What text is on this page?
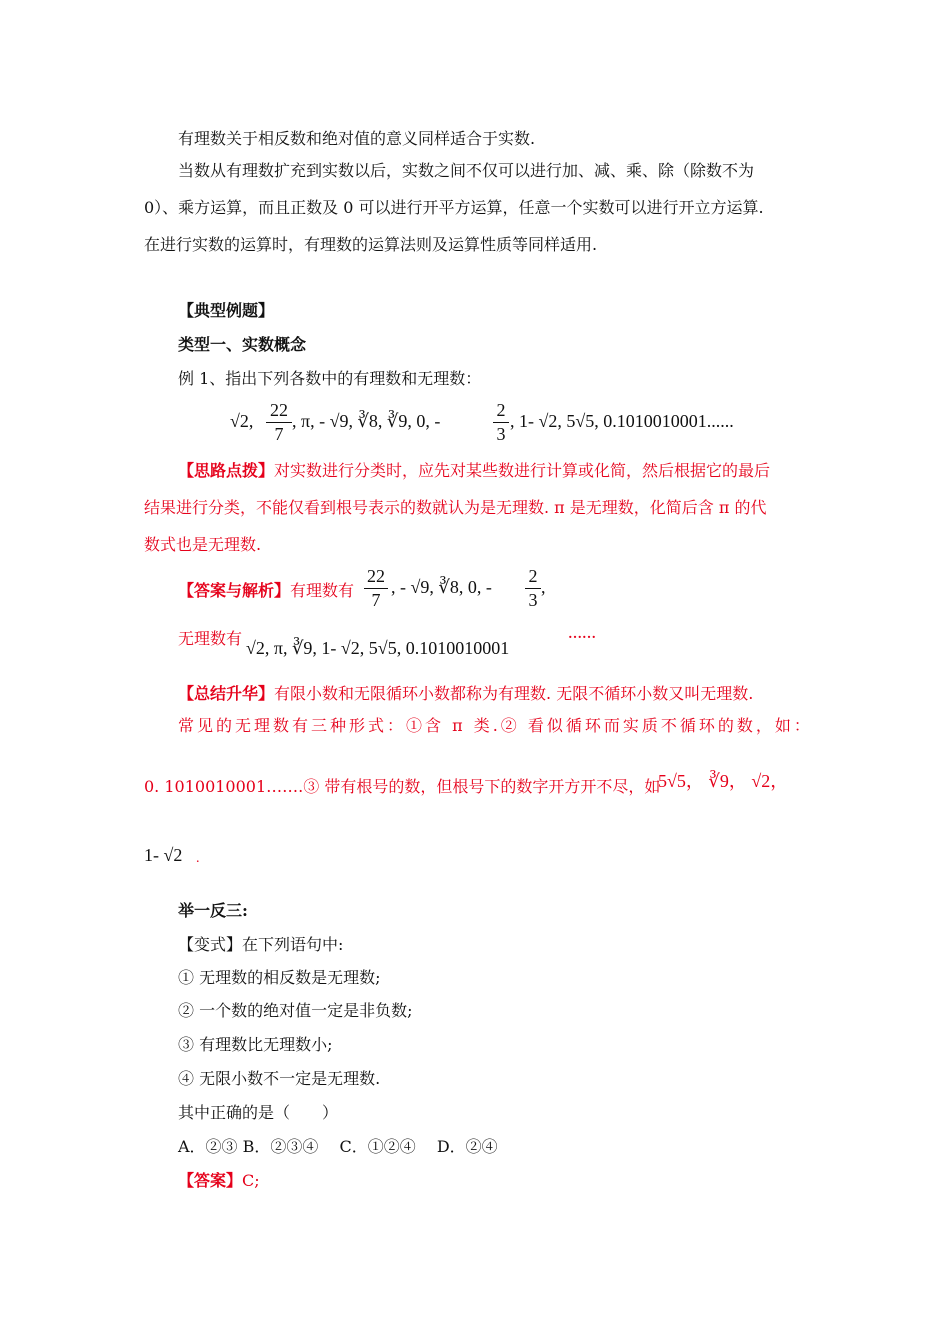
有理数关于相反数和绝对值的意义同样适合于实数.
当数从有理数扩充到实数以后，实数之间不仅可以进行加、减、乘、除（除数不为
0）、乘方运算，而且正数及 0 可以进行开平方运算，任意一个实数可以进行开立方运算.
在进行实数的运算时，有理数的运算法则及运算性质等同样适用.
【典型例题】
类型一、实数概念
例 1、指出下列各数中的有理数和无理数：
√2,
22
7
, π, - √9, ∛8, ∛9, 0, -
2
3
, 1- √2, 5√5, 0.1010010001......
【思路点拨】对实数进行分类时，应先对某些数进行计算或化简，然后根据它的最后
结果进行分类，不能仅看到根号表示的数就认为是无理数. π 是无理数，化简后含 π 的代
数式也是无理数.
【答案与解析】有理数有
22
7
, - √9, ∛8, 0, -
2
3
,
无理数有 √2, π, ∛9, 1- √2, 5√5, 0.1010010001
……
【总结升华】有限小数和无限循环小数都称为有理数. 无限不循环小数又叫无理数.
常见的无理数有三种形式：①含 π 类.② 看似循环而实质不循环的数，如：
0. 1010010001…….③ 带有根号的数，但根号下的数字开方开不尽，如
5√5， ∛9， √2，
1- √2 .
举一反三:
【变式】在下列语句中:
① 无理数的相反数是无理数;
② 一个数的绝对值一定是非负数;
③ 有理数比无理数小;
④ 无限小数不一定是无理数.
其中正确的是（　　）
A．②③ B．②③④　 C．①②④　 D．②④
【答案】C;
